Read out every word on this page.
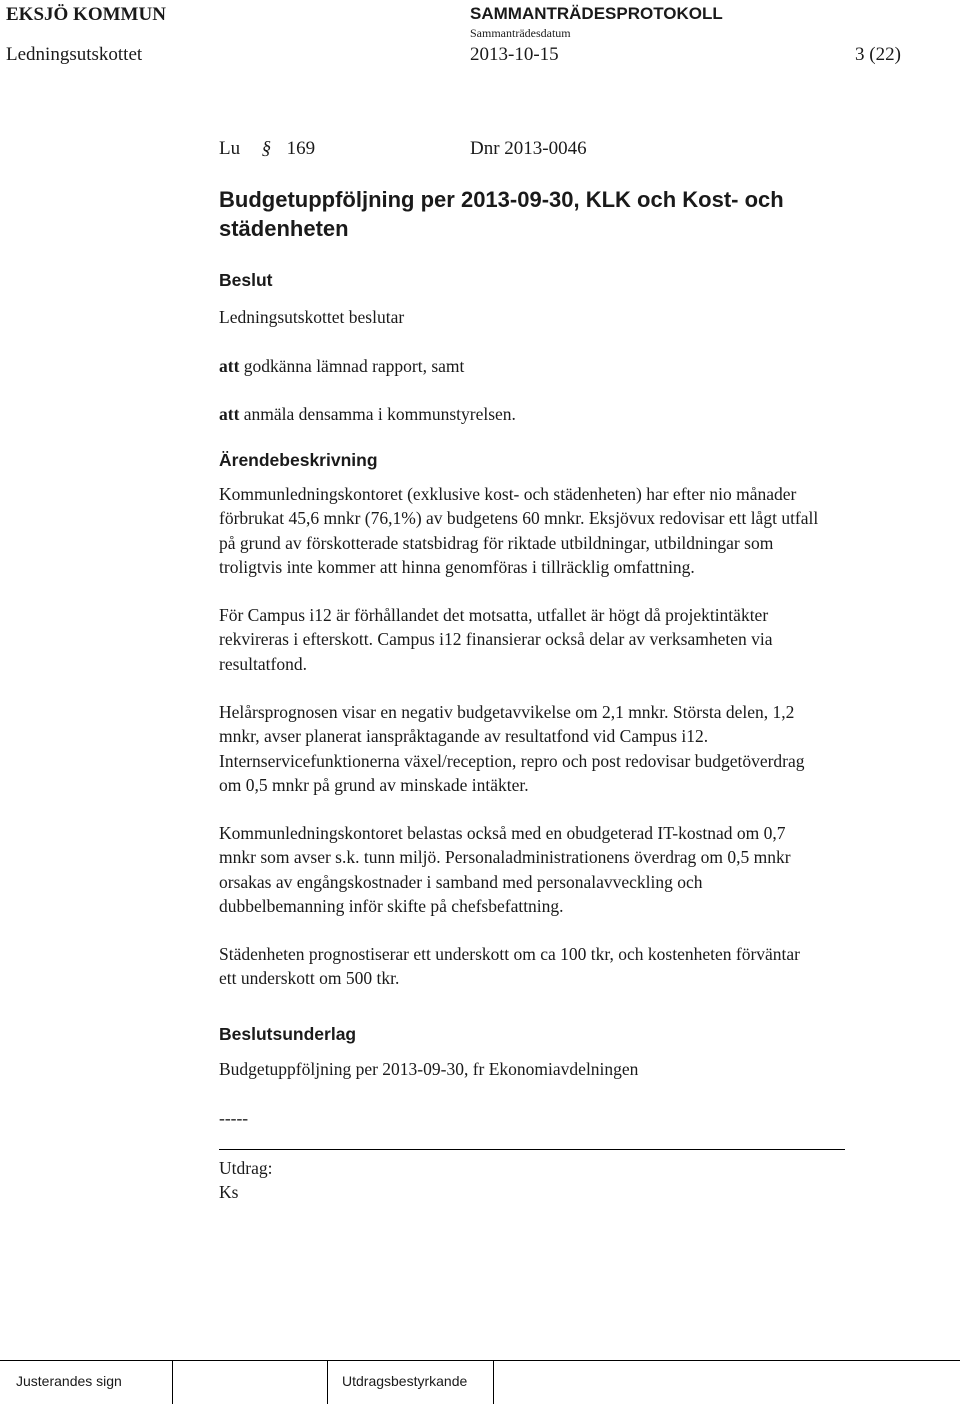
EKSJÖ KOMMUN	SAMMANTRÄDESPROTOKOLL
Sammanträdesdatum
Ledningsutskottet	2013-10-15	3 (22)
Lu § 169	Dnr 2013-0046
Budgetuppföljning per 2013-09-30, KLK och Kost- och
städenheten
Beslut
Ledningsutskottet beslutar
att godkänna lämnad rapport, samt
att anmäla densamma i kommunstyrelsen.
Ärendebeskrivning
Kommunledningskontoret (exklusive kost- och städenheten) har efter nio månader
förbrukat 45,6 mnkr (76,1%) av budgetens 60 mnkr. Eksjövux redovisar ett lågt utfall
på grund av förskotterade statsbidrag för riktade utbildningar, utbildningar som
troligtvis inte kommer att hinna genomföras i tillräcklig omfattning.
För Campus i12 är förhållandet det motsatta, utfallet är högt då projektintäkter
rekvireras i efterskott. Campus i12 finansierar också delar av verksamheten via
resultatfond.
Helårsprognosen visar en negativ budgetavvikelse om 2,1 mnkr. Största delen, 1,2
mnkr, avser planerat ianspråktagande av resultatfond vid Campus i12.
Internservicefunktionerna växel/reception, repro och post redovisar budgetöverdrag
om 0,5 mnkr på grund av minskade intäkter.
Kommunledningskontoret belastas också med en obudgeterad IT-kostnad om 0,7
mnkr som avser s.k. tunn miljö. Personaladministrationens överdrag om 0,5 mnkr
orsakas av engångskostnader i samband med personalavveckling och
dubbelbemanning inför skifte på chefsbefattning.
Städenheten prognostiserar ett underskott om ca 100 tkr, och kostenheten förväntar
ett underskott om 500 tkr.
Beslutsunderlag
Budgetuppföljning per 2013-09-30, fr Ekonomiavdelningen
-----
Utdrag:
Ks
Justerandes sign	Utdragsbestyrkande
